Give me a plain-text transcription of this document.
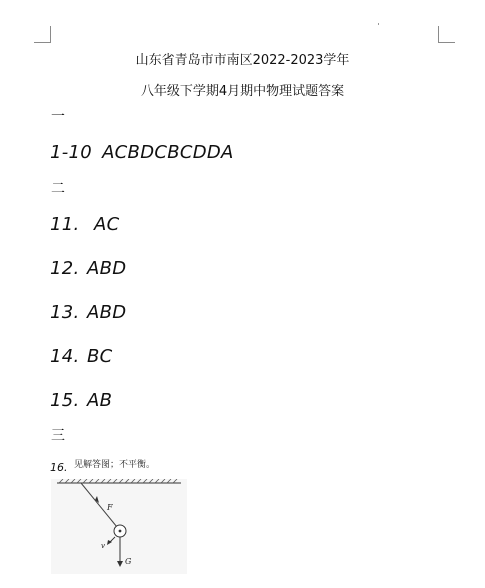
山东省青岛市市南区2022-2023学年
八年级下学期4月期中物理试题答案
一
1-10 ACBDCBCDDA
二
11. AC
12. ABD
13. ABD
14. BC
15. AB
三
16. 见解答图；不平衡。
F
v
G
